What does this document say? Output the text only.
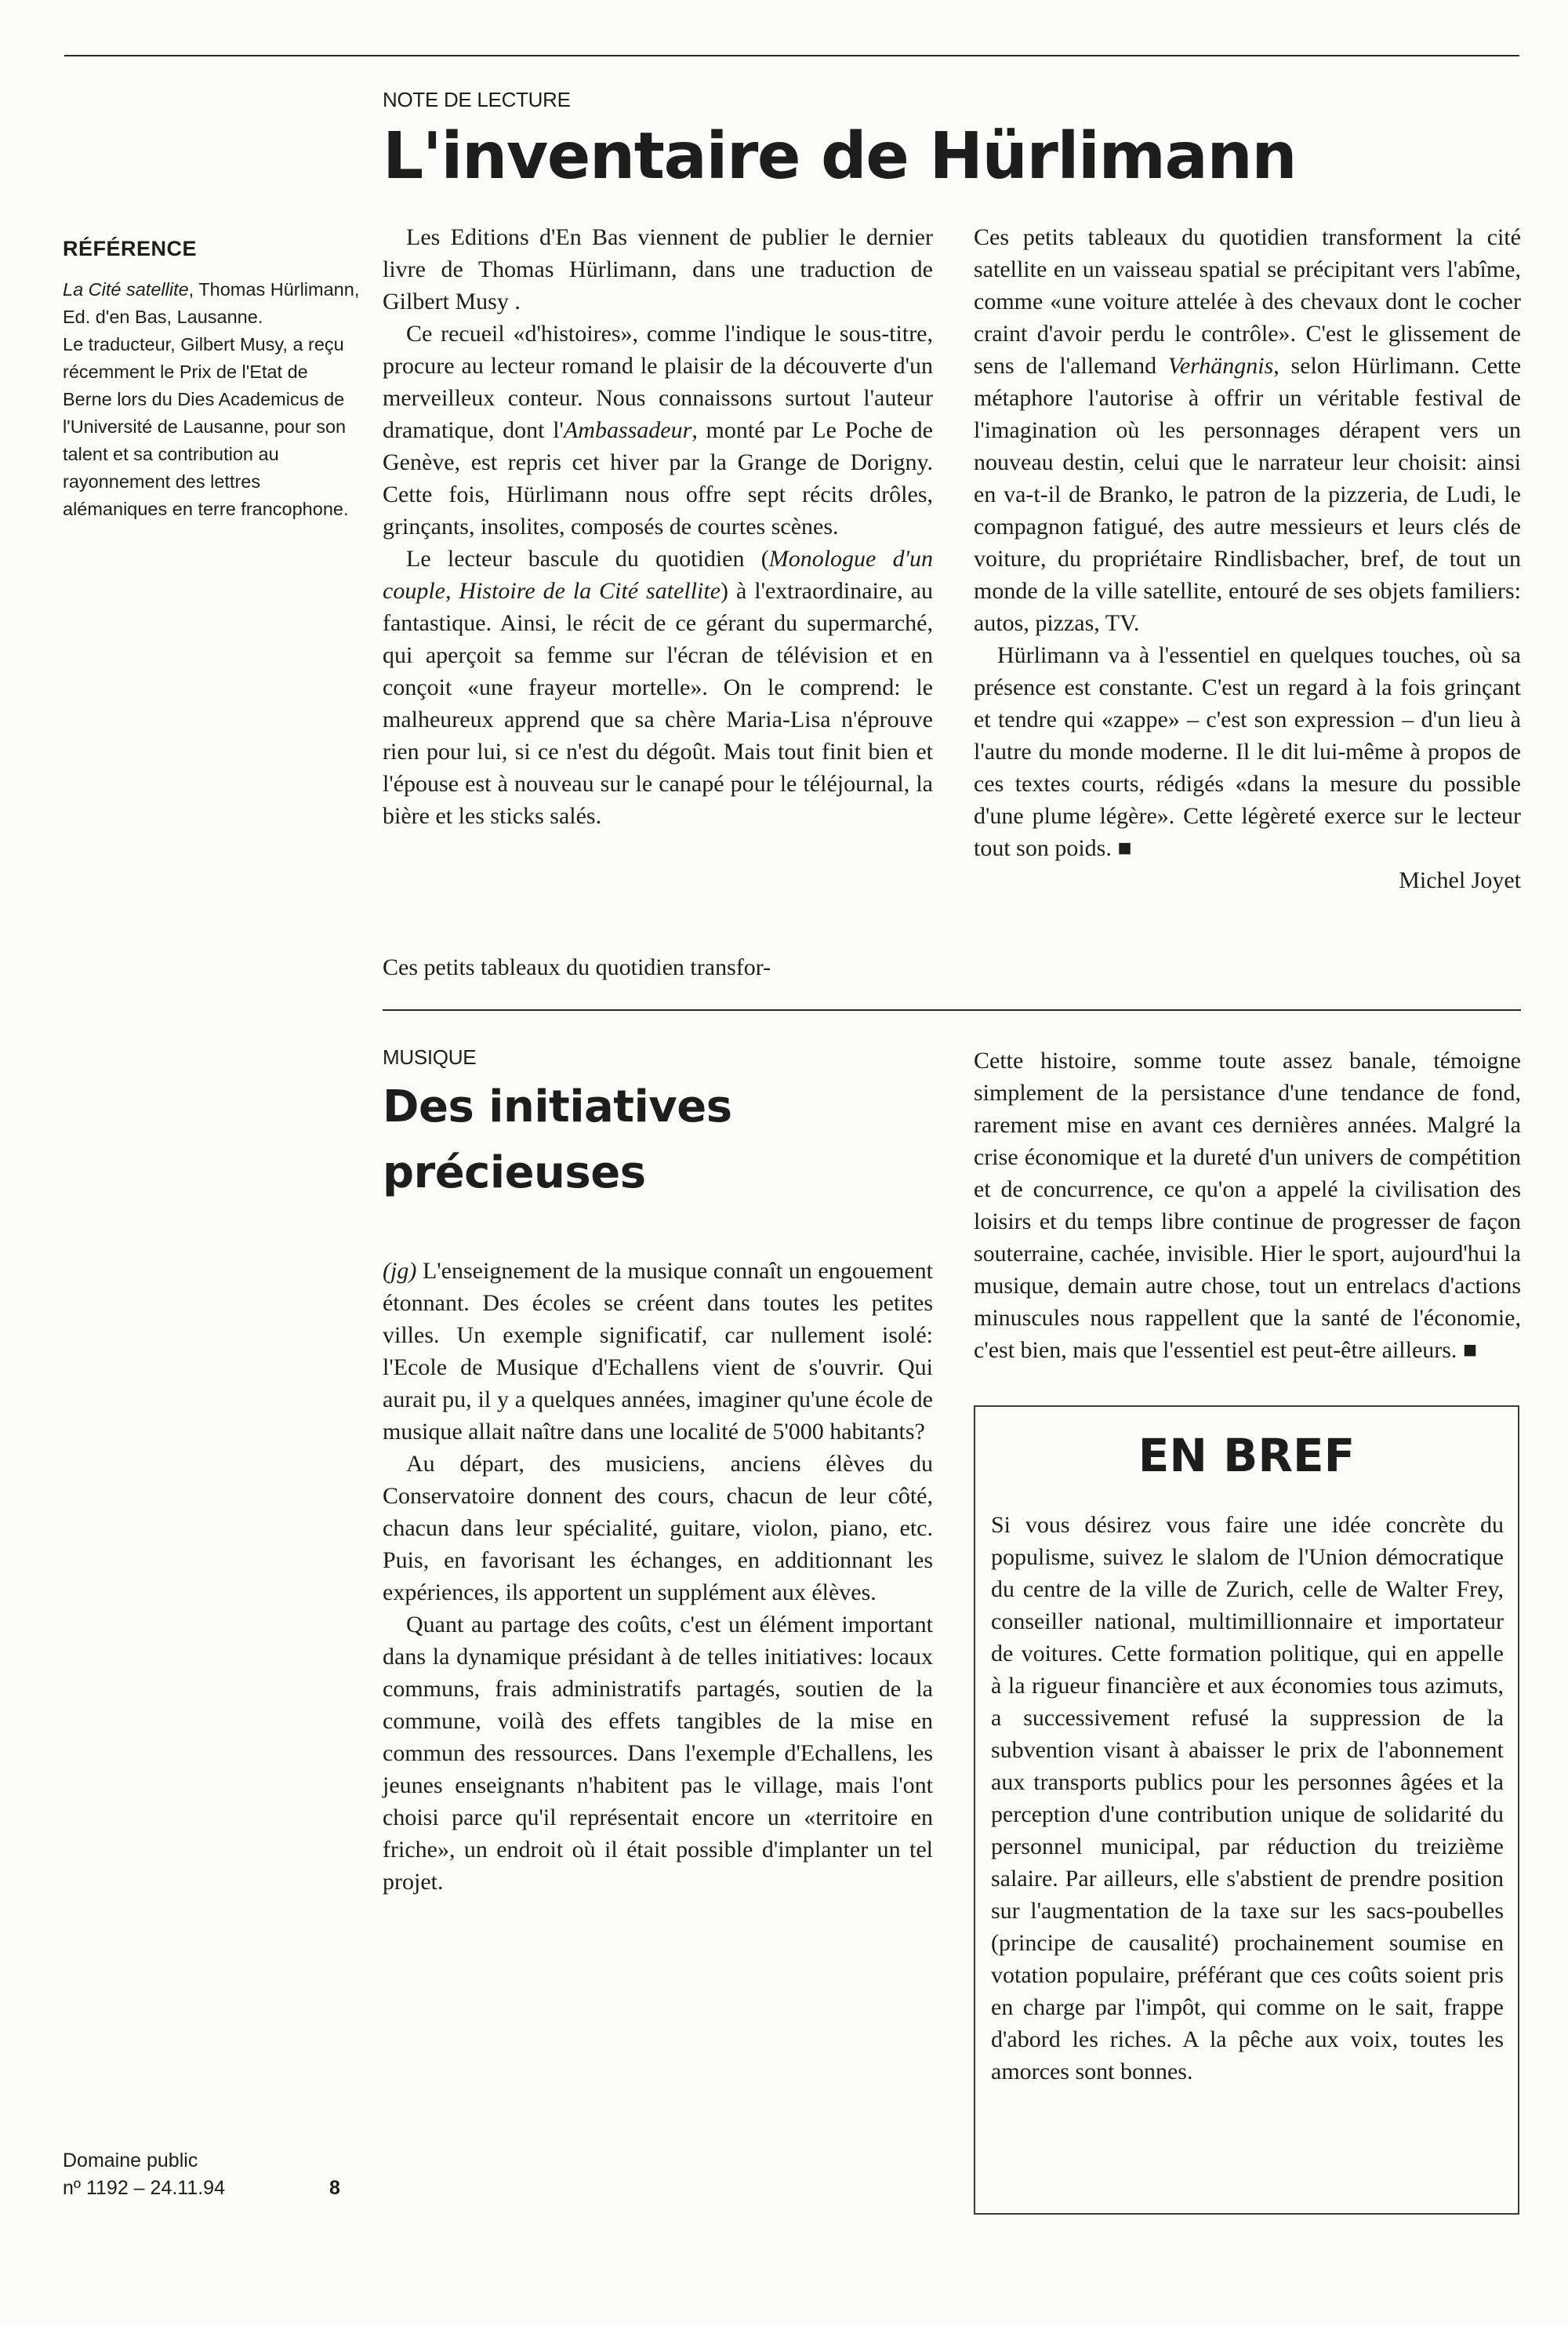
RÉFÉRENCE

La Cité satellite, Thomas Hürlimann, Ed. d'en Bas, Lausanne.

Le traducteur, Gilbert Musy, a reçu récemment le Prix de l'Etat de Berne lors du Dies Academicus de l'Université de Lausanne, pour son talent et sa contribution au rayonnement des lettres alémaniques en terre francophone.

Domaine public
nº 1192 – 24.11.94	8
NOTE DE LECTURE
L'inventaire de Hürlimann

Les Editions d'En Bas viennent de publier le dernier livre de Thomas Hürlimann, dans une traduction de Gilbert Musy .

Ce recueil «d'histoires», comme l'indique le sous-titre, procure au lecteur romand le plaisir de la découverte d'un merveilleux conteur. Nous connaissons surtout l'auteur dramatique, dont l'Ambassadeur, monté par Le Poche de Genève, est repris cet hiver par la Grange de Dorigny. Cette fois, Hürlimann nous offre sept récits drôles, grinçants, insolites, composés de courtes scènes.

Le lecteur bascule du quotidien (Monologue d'un couple, Histoire de la Cité satellite) à l'extraordinaire, au fantastique. Ainsi, le récit de ce gérant du supermarché, qui aperçoit sa femme sur l'écran de télévision et en conçoit «une frayeur mortelle». On le comprend: le malheureux apprend que sa chère Maria-Lisa n'éprouve rien pour lui, si ce n'est du dégoût. Mais tout finit bien et l'épouse est à nouveau sur le canapé pour le téléjournal, la bière et les sticks salés.

Ces petits tableaux du quotidien transfor-

Ces petits tableaux du quotidien transforment la cité satellite en un vaisseau spatial se précipitant vers l'abîme, comme «une voiture attelée à des chevaux dont le cocher craint d'avoir perdu le contrôle». C'est le glissement de sens de l'allemand Verhängnis, selon Hürlimann. Cette métaphore l'autorise à offrir un véritable festival de l'imagination où les personnages dérapent vers un nouveau destin, celui que le narrateur leur choisit: ainsi en va-t-il de Branko, le patron de la pizzeria, de Ludi, le compagnon fatigué, des autre messieurs et leurs clés de voiture, du propriétaire Rindlisbacher, bref, de tout un monde de la ville satellite, entouré de ses objets familiers: autos, pizzas, TV.

Hürlimann va à l'essentiel en quelques touches, où sa présence est constante. C'est un regard à la fois grinçant et tendre qui «zappe» – c'est son expression – d'un lieu à l'autre du monde moderne. Il le dit lui-même à propos de ces textes courts, rédigés «dans la mesure du possible d'une plume légère». Cette légèreté exerce sur le lecteur tout son poids. ■

Michel Joyet

MUSIQUE
Des initiatives
précieuses

(jg) L'enseignement de la musique connaît un engouement étonnant. Des écoles se créent dans toutes les petites villes. Un exemple significatif, car nullement isolé: l'Ecole de Musique d'Echallens vient de s'ouvrir. Qui aurait pu, il y a quelques années, imaginer qu'une école de musique allait naître dans une localité de 5'000 habitants?

Au départ, des musiciens, anciens élèves du Conservatoire donnent des cours, chacun de leur côté, chacun dans leur spécialité, guitare, violon, piano, etc. Puis, en favorisant les échanges, en additionnant les expériences, ils apportent un supplément aux élèves.

Quant au partage des coûts, c'est un élément important dans la dynamique présidant à de telles initiatives: locaux communs, frais administratifs partagés, soutien de la commune, voilà des effets tangibles de la mise en commun des ressources. Dans l'exemple d'Echallens, les jeunes enseignants n'habitent pas le village, mais l'ont choisi parce qu'il représentait encore un «territoire en friche», un endroit où il était possible d'implanter un tel projet.

Cette histoire, somme toute assez banale, témoigne simplement de la persistance d'une tendance de fond, rarement mise en avant ces dernières années. Malgré la crise économique et la dureté d'un univers de compétition et de concurrence, ce qu'on a appelé la civilisation des loisirs et du temps libre continue de progresser de façon souterraine, cachée, invisible. Hier le sport, aujourd'hui la musique, demain autre chose, tout un entrelacs d'actions minuscules nous rappellent que la santé de l'économie, c'est bien, mais que l'essentiel est peut-être ailleurs. ■

EN BREF

Si vous désirez vous faire une idée concrète du populisme, suivez le slalom de l'Union démocratique du centre de la ville de Zurich, celle de Walter Frey, conseiller national, multimillionnaire et importateur de voitures. Cette formation politique, qui en appelle à la rigueur financière et aux économies tous azimuts, a successivement refusé la suppression de la subvention visant à abaisser le prix de l'abonnement aux transports publics pour les personnes âgées et la perception d'une contribution unique de solidarité du personnel municipal, par réduction du treizième salaire. Par ailleurs, elle s'abstient de prendre position sur l'augmentation de la taxe sur les sacs-poubelles (principe de causalité) prochainement soumise en votation populaire, préférant que ces coûts soient pris en charge par l'impôt, qui comme on le sait, frappe d'abord les riches. A la pêche aux voix, toutes les amorces sont bonnes.
